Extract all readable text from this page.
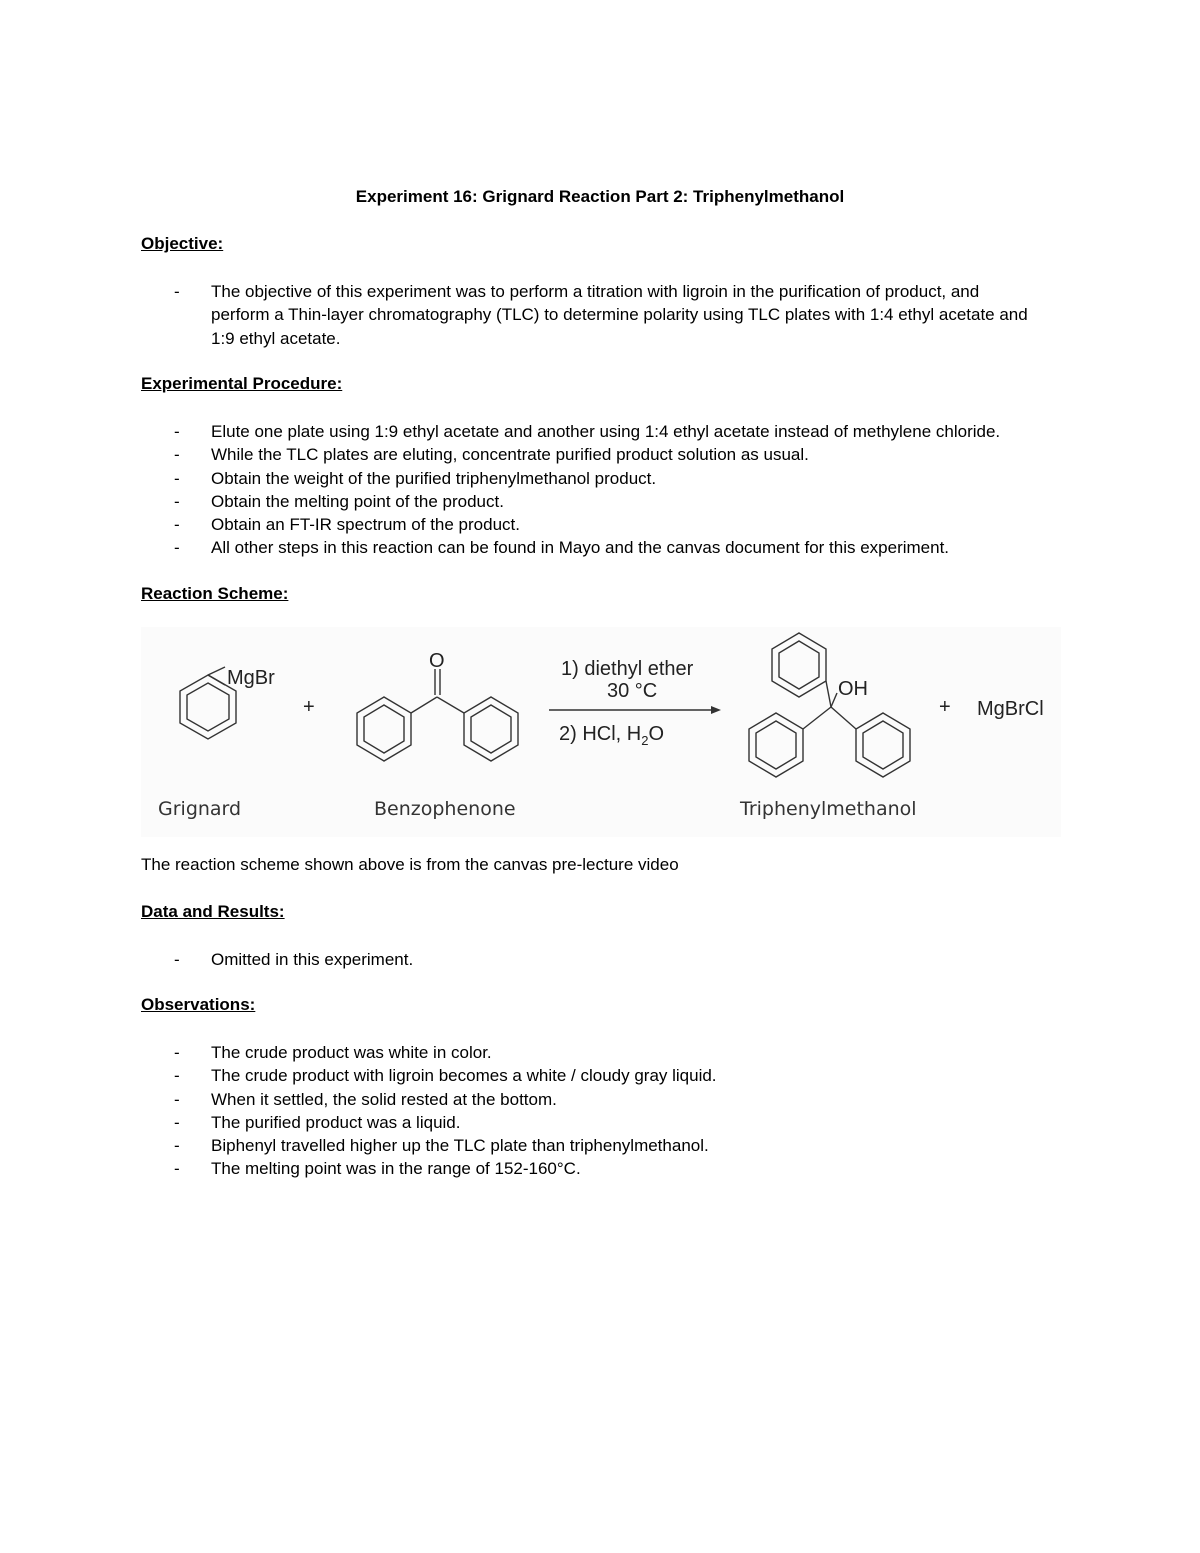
Experiment 16: Grignard Reaction Part 2: Triphenylmethanol
Objective:
- The objective of this experiment was to perform a titration with ligroin in the purification of product, and perform a Thin-layer chromatography (TLC) to determine polarity using TLC plates with 1:4 ethyl acetate and 1:9 ethyl acetate.
Experimental Procedure:
- Elute one plate using 1:9 ethyl acetate and another using 1:4 ethyl acetate instead of methylene chloride.
- While the TLC plates are eluting, concentrate purified product solution as usual.
- Obtain the weight of the purified triphenylmethanol product.
- Obtain the melting point of the product.
- Obtain an FT-IR spectrum of the product.
- All other steps in this reaction can be found in Mayo and the canvas document for this experiment.
Reaction Scheme:
MgBr
+
O	1) diethyl ether
30 °C
2) HCl, $H_2O$
OH
+ MgBrCl
Grignard	Benzophenone	Triphenylmethanol
The reaction scheme shown above is from the canvas pre-lecture video
Data and Results:
- Omitted in this experiment.
Observations:
- The crude product was white in color.
- The crude product with ligroin becomes a white / cloudy gray liquid.
- When it settled, the solid rested at the bottom.
- The purified product was a liquid.
- Biphenyl travelled higher up the TLC plate than triphenylmethanol.
- The melting point was in the range of 152-160°C.
